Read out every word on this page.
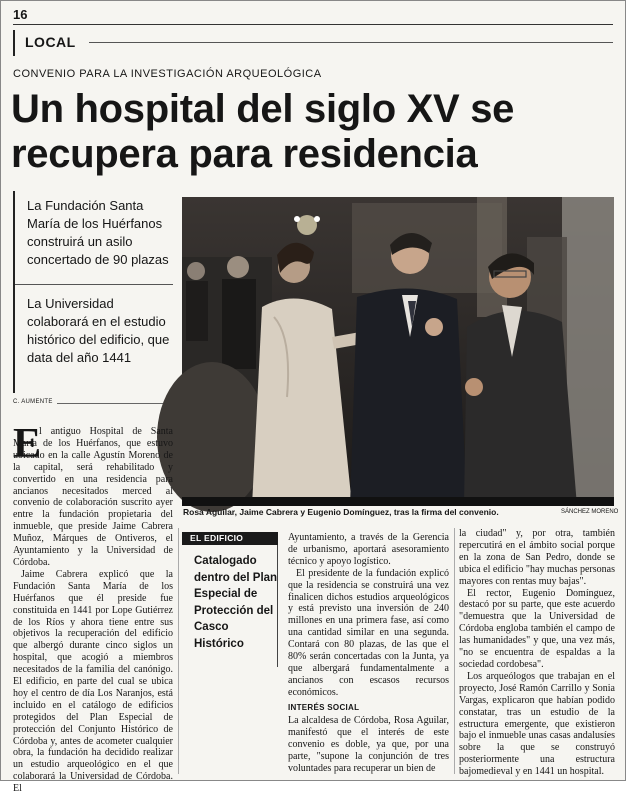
16
LOCAL
CONVENIO PARA LA INVESTIGACIÓN ARQUEOLÓGICA
Un hospital del siglo XV se
recupera para residencia
La Fundación Santa María de los Huérfanos construirá un asilo concertado de 90 plazas
La Universidad colaborará en el estudio histórico del edificio, que data del año 1441
C. AUMENTE
Rosa Aguilar, Jaime Cabrera y Eugenio Domínguez, tras la firma del convenio.	SÁNCHEZ MORENO
E

l antiguo Hospital de Santa María de los Huérfanos, que estuvo ubicado en la calle Agustín Moreno de la capital, será rehabilitado y convertido en una residencia para ancianos necesitados merced al convenio de colaboración suscrito ayer entre la fundación propietaria del inmueble, que preside Jaime Cabrera Muñoz, Márques de Ontiveros, el Ayuntamiento y la Universidad de Córdoba.

Jaime Cabrera explicó que la Fundación Santa María de los Huérfanos que él preside fue constituida en 1441 por Lope Gutiérrez de los Ríos y ahora tiene entre sus objetivos la recuperación del edificio que albergó durante cinco siglos un hospital, que acogió a miembros necesitados de la familia del canónigo. El edificio, en parte del cual se ubica hoy el centro de día Los Naranjos, está incluido en el catálogo de edificios protegidos del Plan Especial de protección del Conjunto Histórico de Córdoba y, antes de acometer cualquier obra, la fundación ha decidido realizar un estudio arqueológico en el que colaborará la Universidad de Córdoba. El

EL EDIFICIO
Catalogado dentro del Plan Especial de Protección del Casco Histórico

Ayuntamiento, a través de la Gerencia de urbanismo, aportará asesoramiento técnico y apoyo logístico.

El presidente de la fundación explicó que la residencia se construirá una vez finalicen dichos estudios arqueológicos y está previsto una inversión de 240 millones en una primera fase, así como una cantidad similar en una segunda. Contará con 80 plazas, de las que el 80% serán concertadas con la Junta, ya que albergará fundamentalmente a ancianos con escasos recursos económicos.

INTERÉS SOCIAL

La alcaldesa de Córdoba, Rosa Aguilar, manifestó que el interés de este convenio es doble, ya que, por una parte, "supone la conjunción de tres voluntades para recuperar un bien de

la ciudad" y, por otra, también repercutirá en el ámbito social porque en la zona de San Pedro, donde se ubica el edificio "hay muchas personas mayores con rentas muy bajas".

El rector, Eugenio Domínguez, destacó por su parte, que este acuerdo "demuestra que la Universidad de Córdoba engloba también el campo de las humanidades" y que, una vez más, "no se encuentra de espaldas a la sociedad cordobesa".

Los arqueólogos que trabajan en el proyecto, José Ramón Carrillo y Sonia Vargas, explicaron que habían podido constatar, tras un estudio de la estructura emergente, que existieron bajo el inmueble unas casas andalusíes sobre la que se construyó posteriormente una estructura bajomedieval y en 1441 un hospital.
